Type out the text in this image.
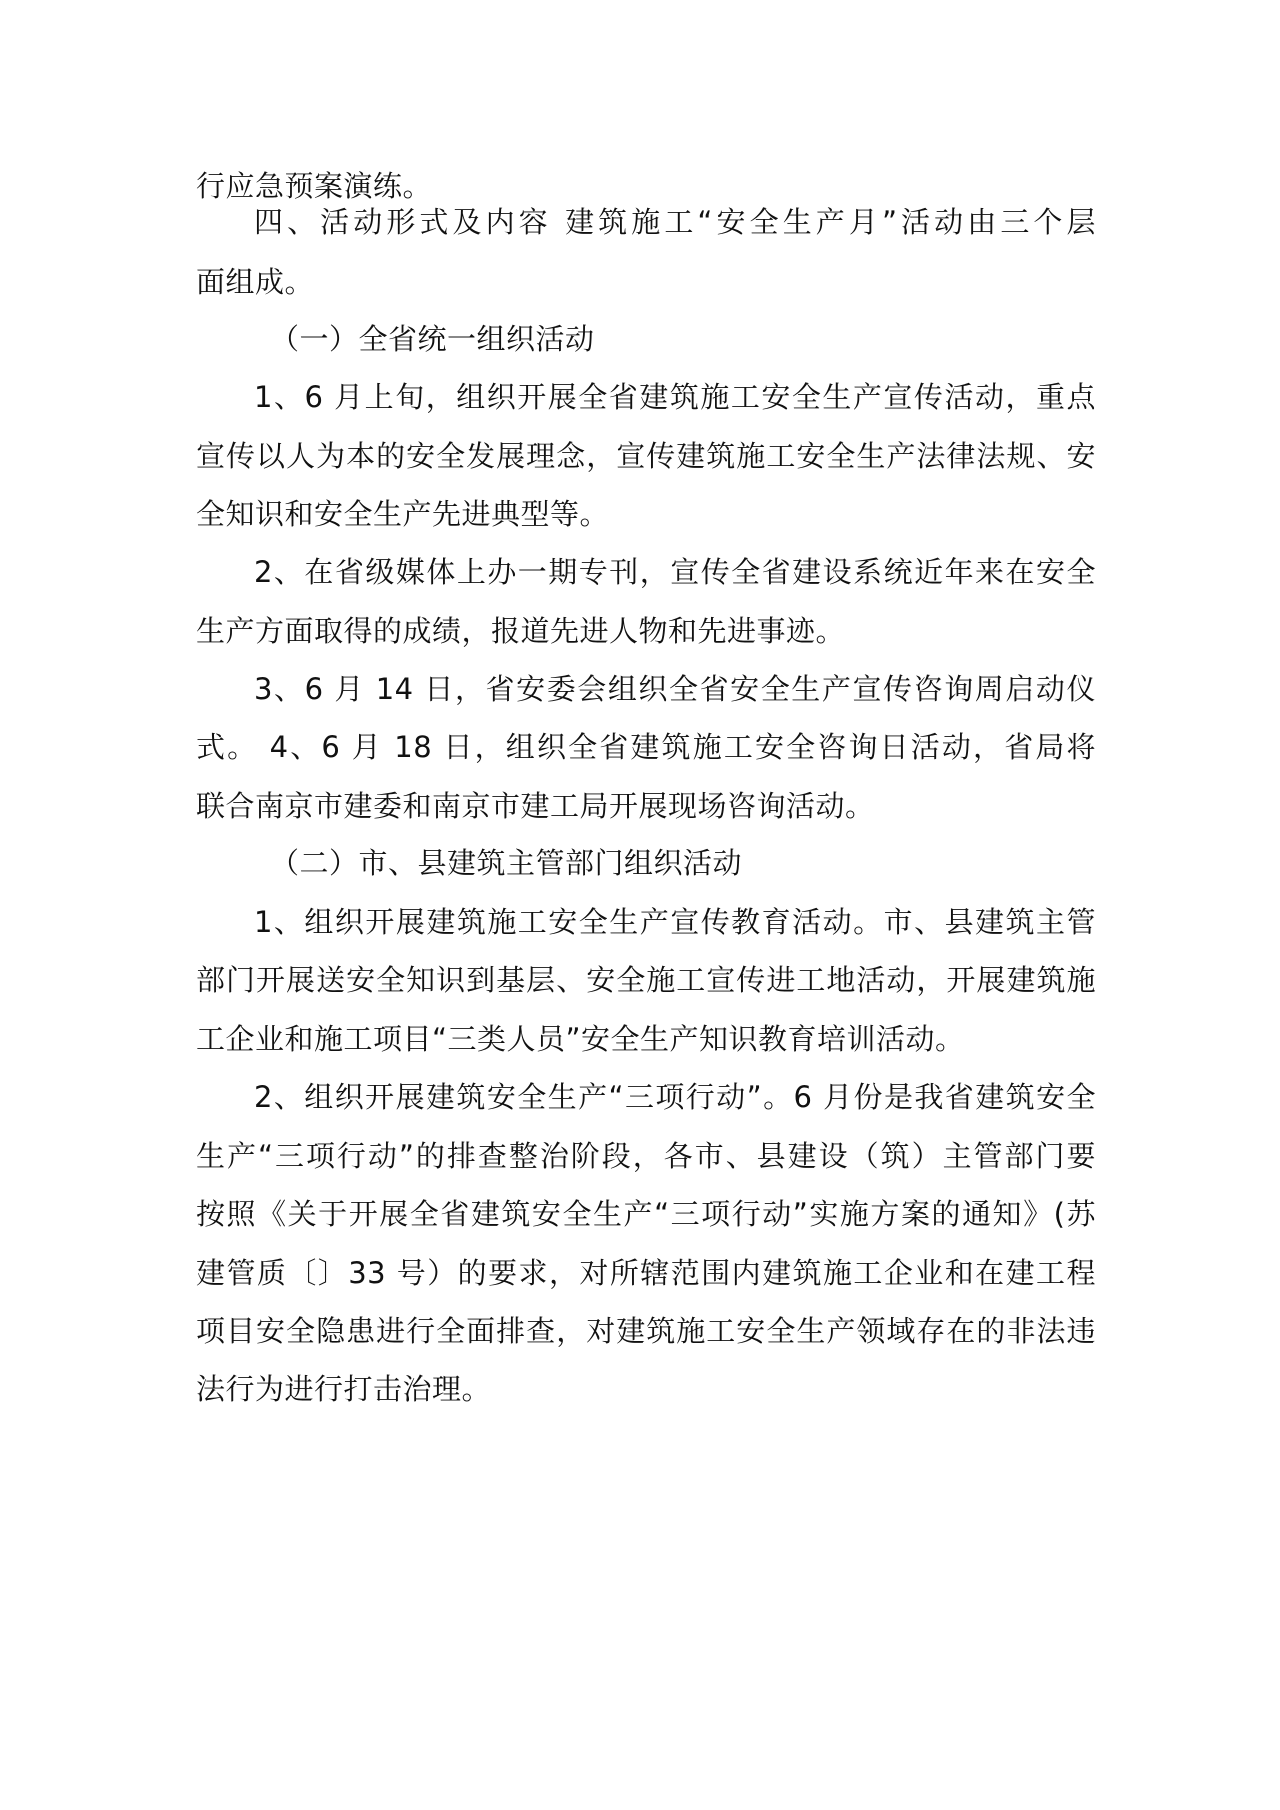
行应急预案演练。
四、活动形式及内容 建筑施工“安全生产月”活动由三个层
面组成。
（一）全省统一组织活动
1、6 月上旬，组织开展全省建筑施工安全生产宣传活动，重点
宣传以人为本的安全发展理念，宣传建筑施工安全生产法律法规、安
全知识和安全生产先进典型等。
2、在省级媒体上办一期专刊，宣传全省建设系统近年来在安全
生产方面取得的成绩，报道先进人物和先进事迹。
3、6 月 14 日，省安委会组织全省安全生产宣传咨询周启动仪
式。 4、6 月 18 日，组织全省建筑施工安全咨询日活动，省局将
联合南京市建委和南京市建工局开展现场咨询活动。
（二）市、县建筑主管部门组织活动
1、组织开展建筑施工安全生产宣传教育活动。市、县建筑主管
部门开展送安全知识到基层、安全施工宣传进工地活动，开展建筑施
工企业和施工项目“三类人员”安全生产知识教育培训活动。
2、组织开展建筑安全生产“三项行动”。6 月份是我省建筑安全
生产“三项行动”的排查整治阶段，各市、县建设（筑）主管部门要
按照《关于开展全省建筑安全生产“三项行动”实施方案的通知》(苏
建管质〔〕33 号）的要求，对所辖范围内建筑施工企业和在建工程
项目安全隐患进行全面排查，对建筑施工安全生产领域存在的非法违
法行为进行打击治理。
